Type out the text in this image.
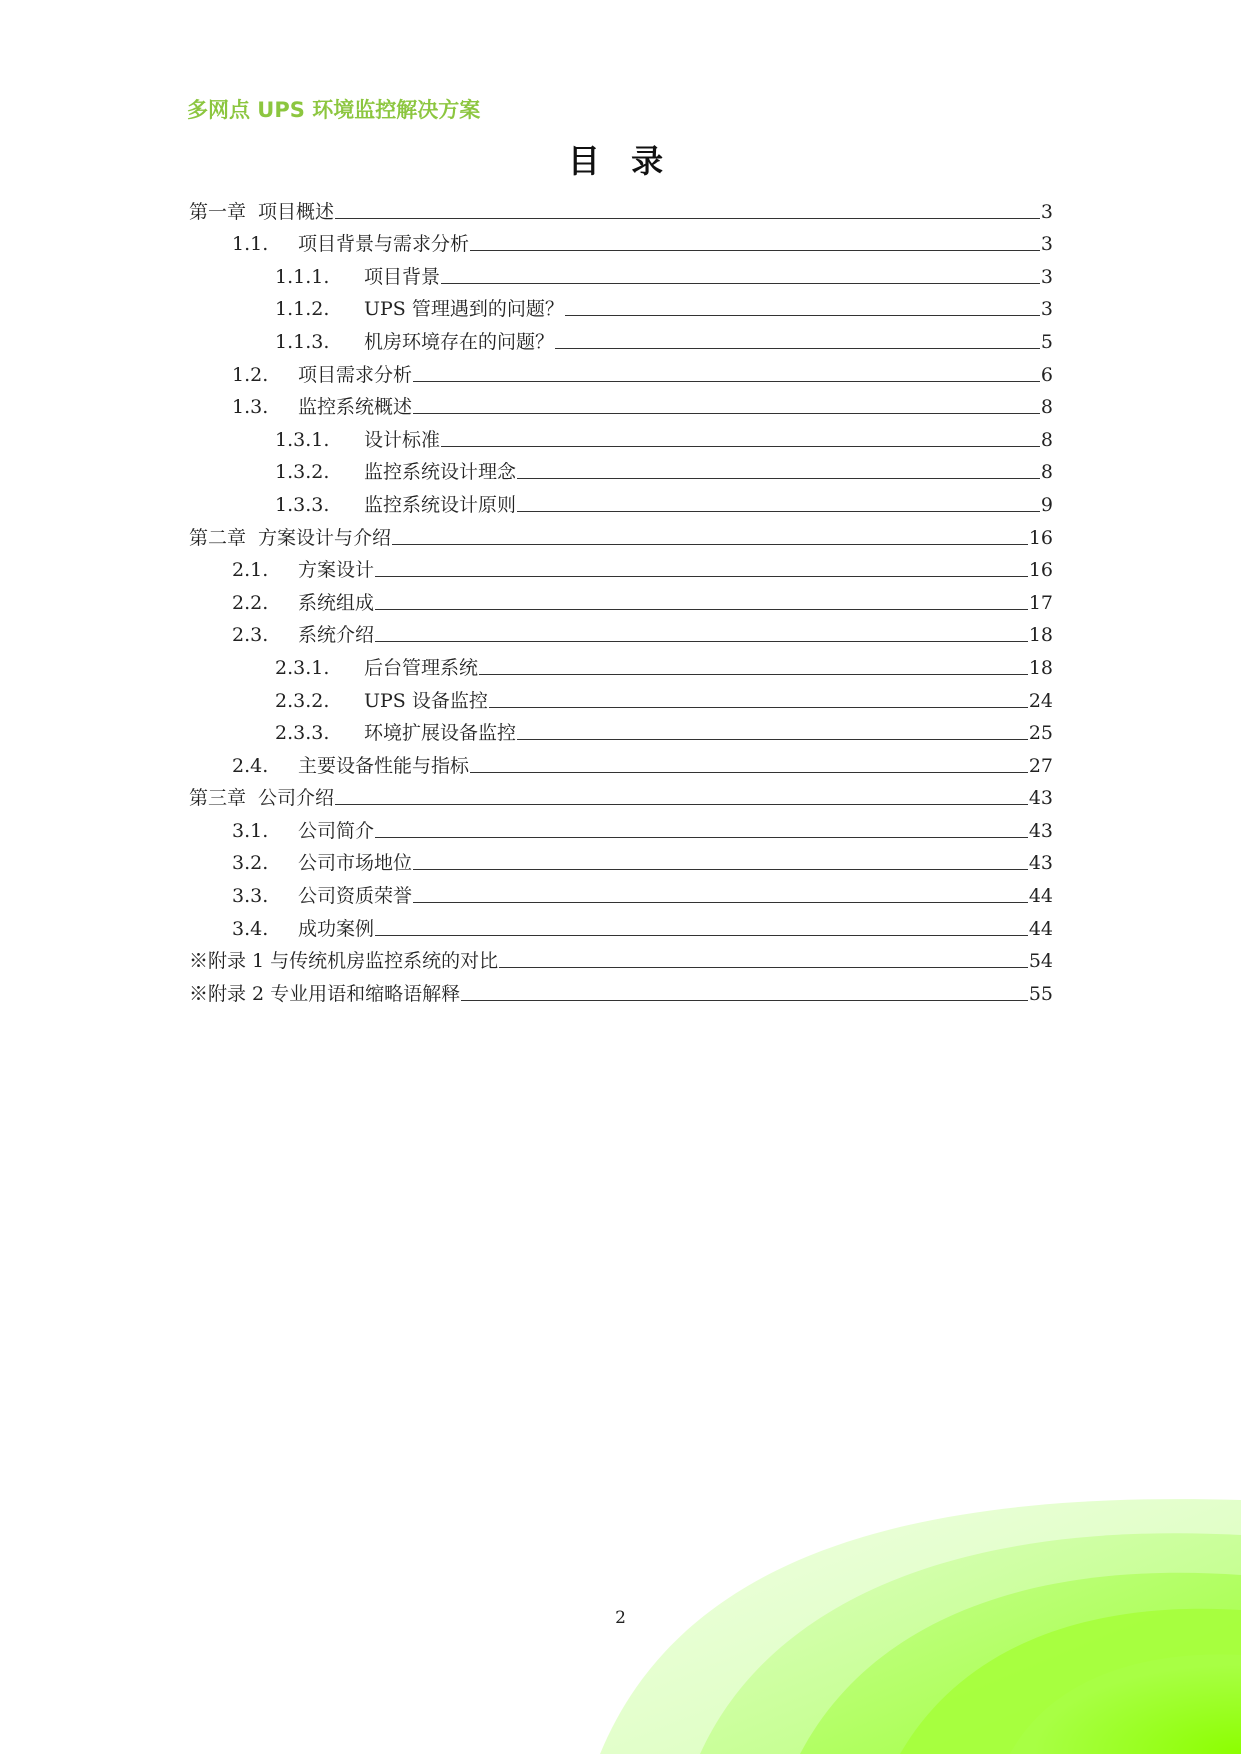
多网点 UPS 环境监控解决方案
目 录
第一章 项目概述	3
1.1.	项目背景与需求分析	3
1.1.1.	项目背景	3
1.1.2.	UPS 管理遇到的问题？	3
1.1.3.	机房环境存在的问题？	5
1.2.	项目需求分析	6
1.3.	监控系统概述	8
1.3.1.	设计标准	8
1.3.2.	监控系统设计理念	8
1.3.3.	监控系统设计原则	9
第二章 方案设计与介绍	16
2.1.	方案设计	16
2.2.	系统组成	17
2.3.	系统介绍	18
2.3.1.	后台管理系统	18
2.3.2.	UPS 设备监控	24
2.3.3.	环境扩展设备监控	25
2.4.	主要设备性能与指标	27
第三章 公司介绍	43
3.1.	公司简介	43
3.2.	公司市场地位	43
3.3.	公司资质荣誉	44
3.4.	成功案例	44
※附录 1 与传统机房监控系统的对比	54
※附录 2 专业用语和缩略语解释	55
2
